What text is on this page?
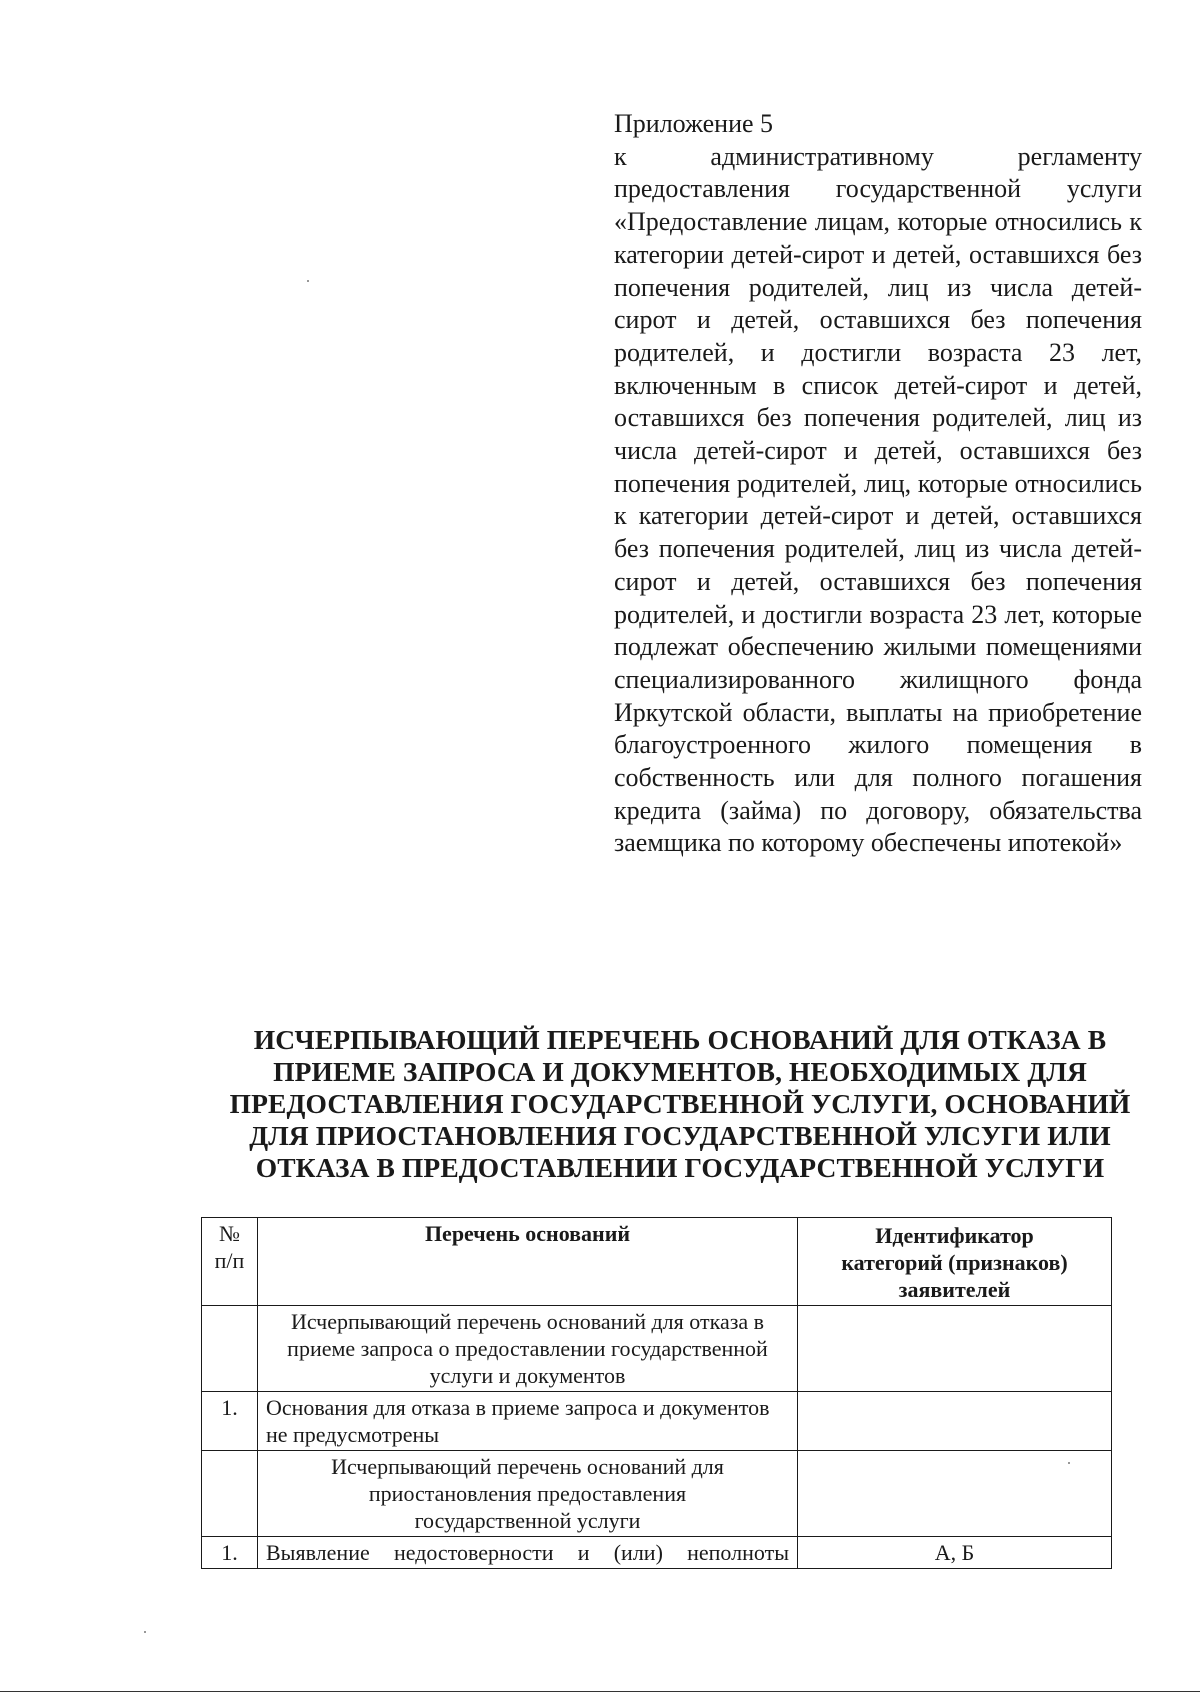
Приложение 5
к административному регламенту предоставления государственной услуги «Предоставление лицам, которые относились к категории детей-сирот и детей, оставшихся без попечения родителей, лиц из числа детей-сирот и детей, оставшихся без попечения родителей, и достигли возраста 23 лет, включенным в список детей-сирот и детей, оставшихся без попечения родителей, лиц из числа детей-сирот и детей, оставшихся без попечения родителей, лиц, которые относились к категории детей-сирот и детей, оставшихся без попечения родителей, лиц из числа детей-сирот и детей, оставшихся без попечения родителей, и достигли возраста 23 лет, которые подлежат обеспечению жилыми помещениями специализированного жилищного фонда Иркутской области, выплаты на приобретение благоустроенного жилого помещения в собственность или для полного погашения кредита (займа) по договору, обязательства заемщика по которому обеспечены ипотекой»
ИСЧЕРПЫВАЮЩИЙ ПЕРЕЧЕНЬ ОСНОВАНИЙ ДЛЯ ОТКАЗА В
ПРИЕМЕ ЗАПРОСА И ДОКУМЕНТОВ, НЕОБХОДИМЫХ ДЛЯ
ПРЕДОСТАВЛЕНИЯ ГОСУДАРСТВЕННОЙ УСЛУГИ, ОСНОВАНИЙ
ДЛЯ ПРИОСТАНОВЛЕНИЯ ГОСУДАРСТВЕННОЙ УЛСУГИ ИЛИ
ОТКАЗА В ПРЕДОСТАВЛЕНИИ ГОСУДАРСТВЕННОЙ УСЛУГИ
№ п/п	Перечень оснований	Идентификатор категорий (признаков) заявителей
	Исчерпывающий перечень оснований для отказа в приеме запроса о предоставлении государственной услуги и документов	
1.	Основания для отказа в приеме запроса и документов не предусмотрены	
	Исчерпывающий перечень оснований для приостановления предоставления государственной услуги	
1.	Выявление недостоверности и (или) неполноты	А, Б
